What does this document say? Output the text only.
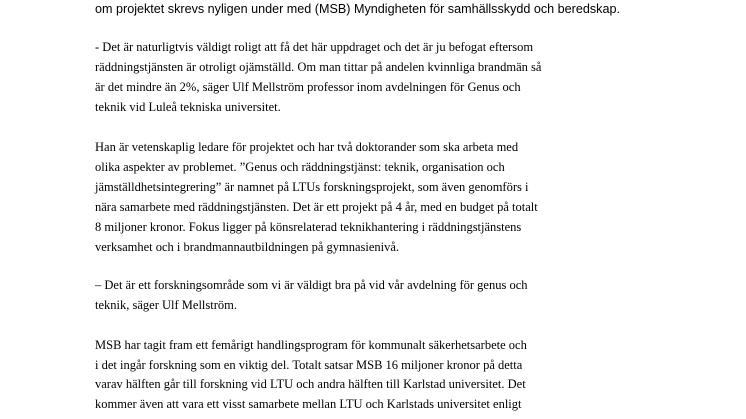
om projektet skrevs nyligen under med (MSB) Myndigheten för samhällsskydd och beredskap.

- Det är naturligtvis väldigt roligt att få det här uppdraget och det är ju befogat eftersom
räddningstjänsten är otroligt ojämställd. Om man tittar på andelen kvinnliga brandmän så
är det mindre än 2%, säger Ulf Mellström professor inom avdelningen för Genus och
teknik vid Luleå tekniska universitet.

Han är vetenskaplig ledare för projektet och har två doktorander som ska arbeta med
olika aspekter av problemet. ”Genus och räddningstjänst: teknik, organisation och
jämställdhetsintegrering” är namnet på LTUs forskningsprojekt, som även genomförs i
nära samarbete med räddningstjänsten. Det är ett projekt på 4 år, med en budget på totalt
8 miljoner kronor. Fokus ligger på könsrelaterad teknikhantering i räddningstjänstens
verksamhet och i brandmannautbildningen på gymnasienivå.

– Det är ett forskningsområde som vi är väldigt bra på vid vår avdelning för genus och
teknik, säger Ulf Mellström.

MSB har tagit fram ett femårigt handlingsprogram för kommunalt säkerhetsarbete och
i det ingår forskning som en viktig del. Totalt satsar MSB 16 miljoner kronor på detta
varav hälften går till forskning vid LTU och andra hälften till Karlstad universitet. Det
kommer även att vara ett visst samarbete mellan LTU och Karlstads universitet enligt
